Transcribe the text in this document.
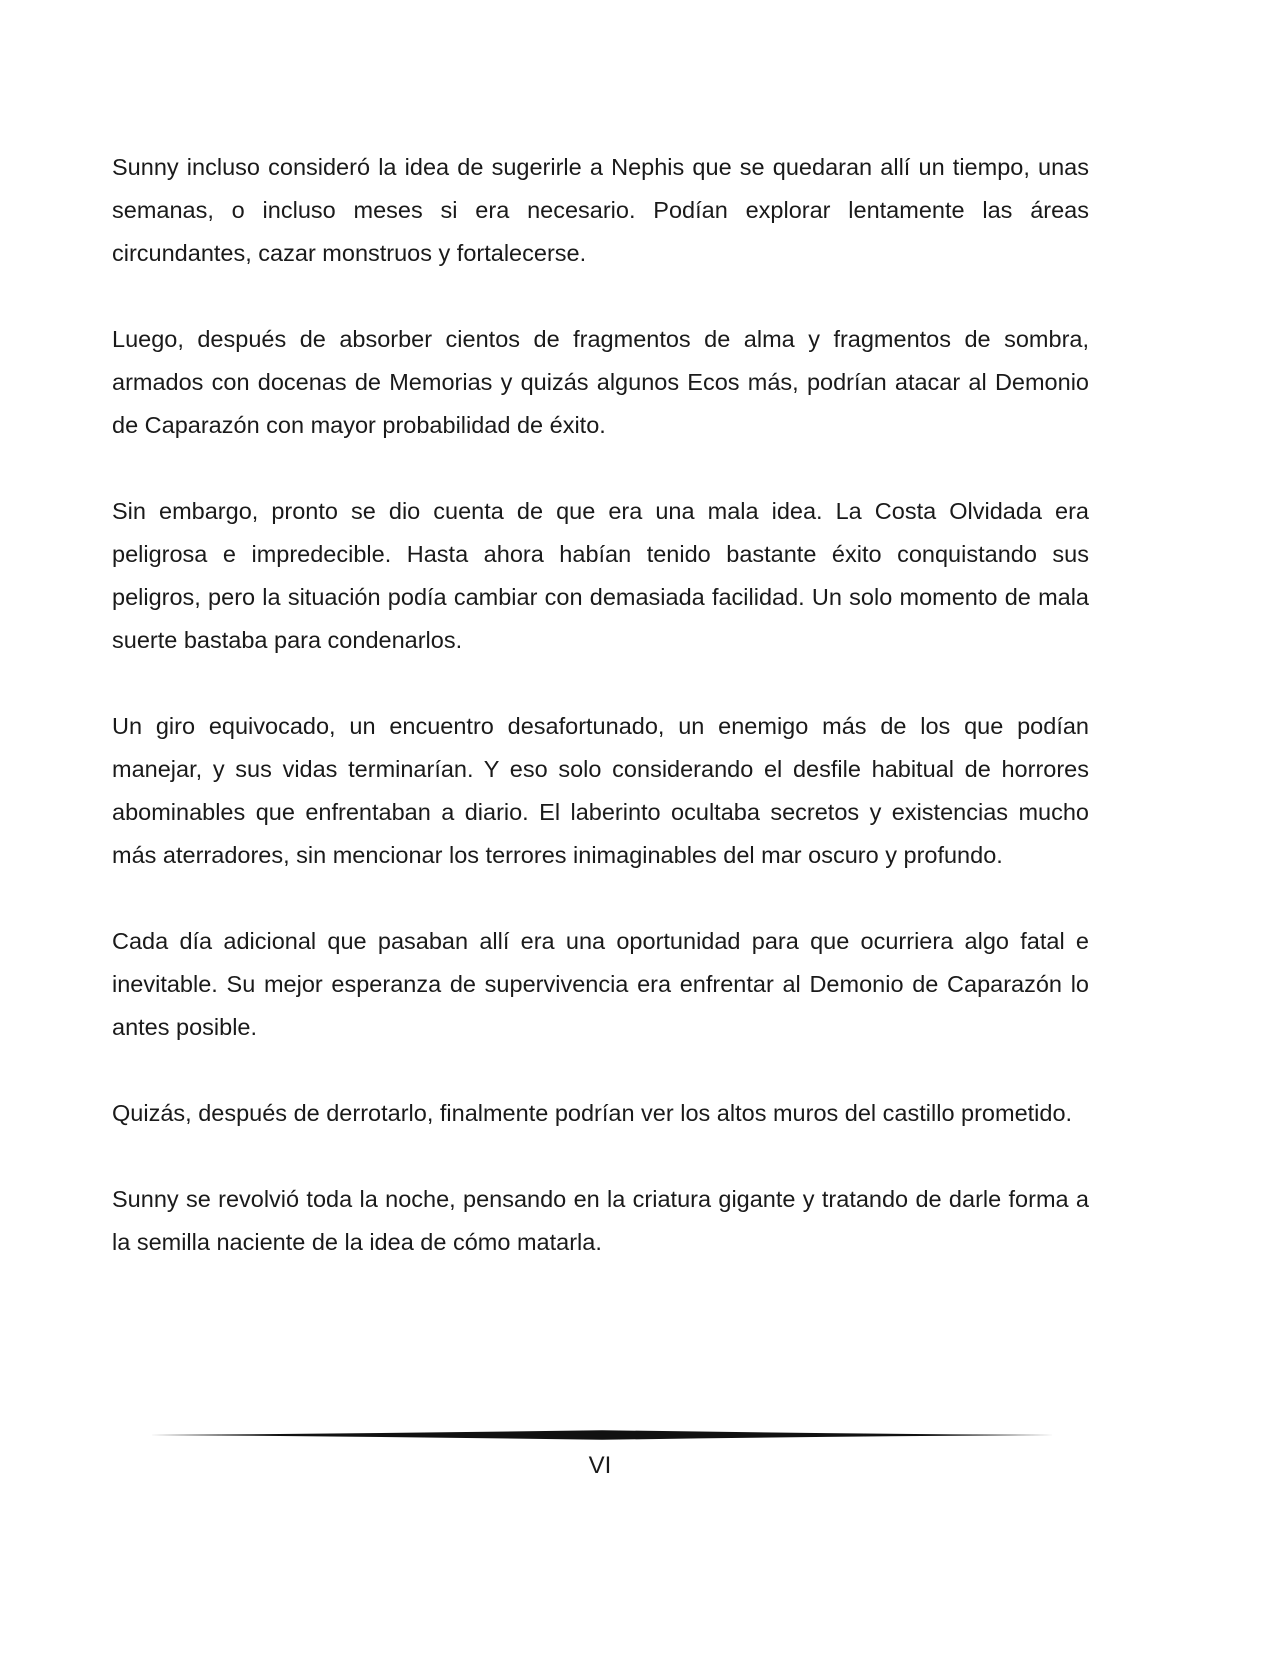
Sunny incluso consideró la idea de sugerirle a Nephis que se quedaran allí un tiempo, unas semanas, o incluso meses si era necesario. Podían explorar lentamente las áreas circundantes, cazar monstruos y fortalecerse.

Luego, después de absorber cientos de fragmentos de alma y fragmentos de sombra, armados con docenas de Memorias y quizás algunos Ecos más, podrían atacar al Demonio de Caparazón con mayor probabilidad de éxito.

Sin embargo, pronto se dio cuenta de que era una mala idea. La Costa Olvidada era peligrosa e impredecible. Hasta ahora habían tenido bastante éxito conquistando sus peligros, pero la situación podía cambiar con demasiada facilidad. Un solo momento de mala suerte bastaba para condenarlos.

Un giro equivocado, un encuentro desafortunado, un enemigo más de los que podían manejar, y sus vidas terminarían. Y eso solo considerando el desfile habitual de horrores abominables que enfrentaban a diario. El laberinto ocultaba secretos y existencias mucho más aterradores, sin mencionar los terrores inimaginables del mar oscuro y profundo.

Cada día adicional que pasaban allí era una oportunidad para que ocurriera algo fatal e inevitable. Su mejor esperanza de supervivencia era enfrentar al Demonio de Caparazón lo antes posible.

Quizás, después de derrotarlo, finalmente podrían ver los altos muros del castillo prometido.

Sunny se revolvió toda la noche, pensando en la criatura gigante y tratando de darle forma a la semilla naciente de la idea de cómo matarla.

VI
